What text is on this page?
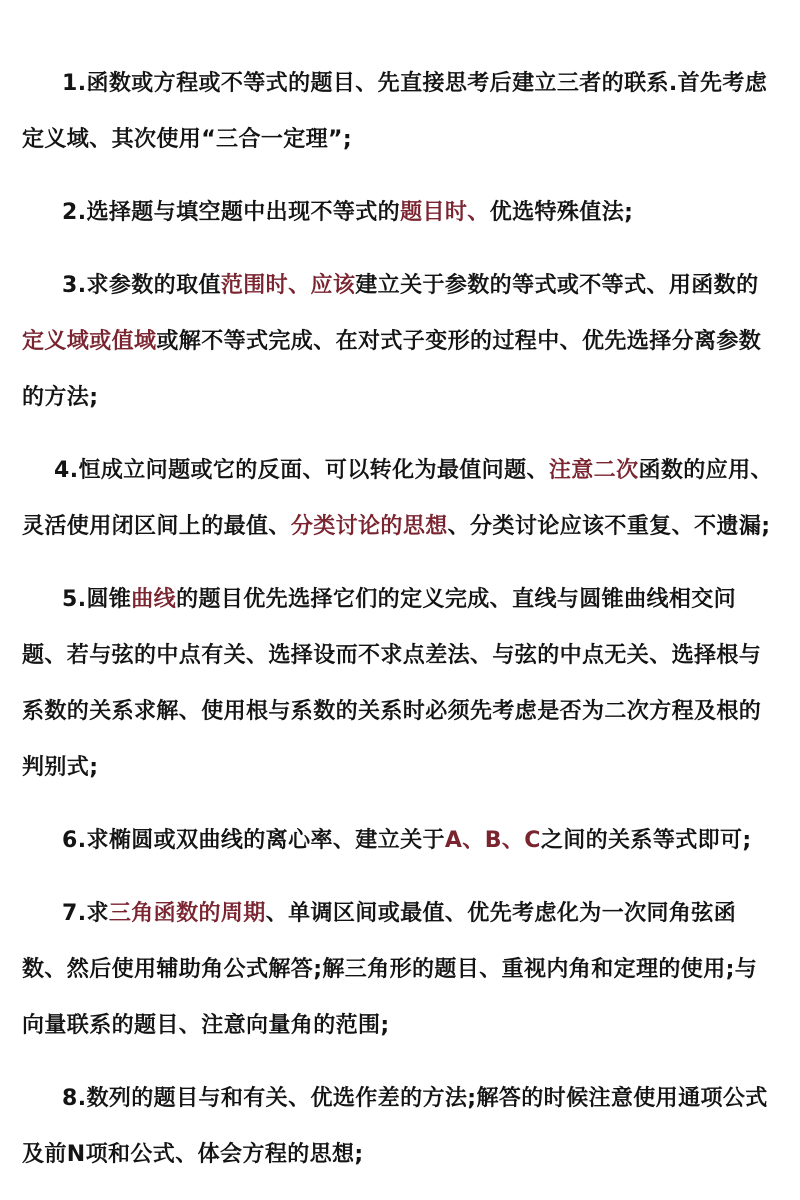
1.函数或方程或不等式的题目、先直接思考后建立三者的联系.首先考虑定义域、其次使用“三合一定理”;

2.选择题与填空题中出现不等式的题目时、优选特殊值法;

3.求参数的取值范围时、应该建立关于参数的等式或不等式、用函数的定义域或值域或解不等式完成、在对式子变形的过程中、优先选择分离参数的方法;

4.恒成立问题或它的反面、可以转化为最值问题、注意二次函数的应用、灵活使用闭区间上的最值、分类讨论的思想、分类讨论应该不重复、不遗漏;

5.圆锥曲线的题目优先选择它们的定义完成、直线与圆锥曲线相交问题、若与弦的中点有关、选择设而不求点差法、与弦的中点无关、选择根与系数的关系求解、使用根与系数的关系时必须先考虑是否为二次方程及根的判别式;

6.求椭圆或双曲线的离心率、建立关于A、B、C之间的关系等式即可;

7.求三角函数的周期、单调区间或最值、优先考虑化为一次同角弦函数、然后使用辅助角公式解答;解三角形的题目、重视内角和定理的使用;与向量联系的题目、注意向量角的范围;

8.数列的题目与和有关、优选作差的方法;解答的时候注意使用通项公式及前N项和公式、体会方程的思想;
